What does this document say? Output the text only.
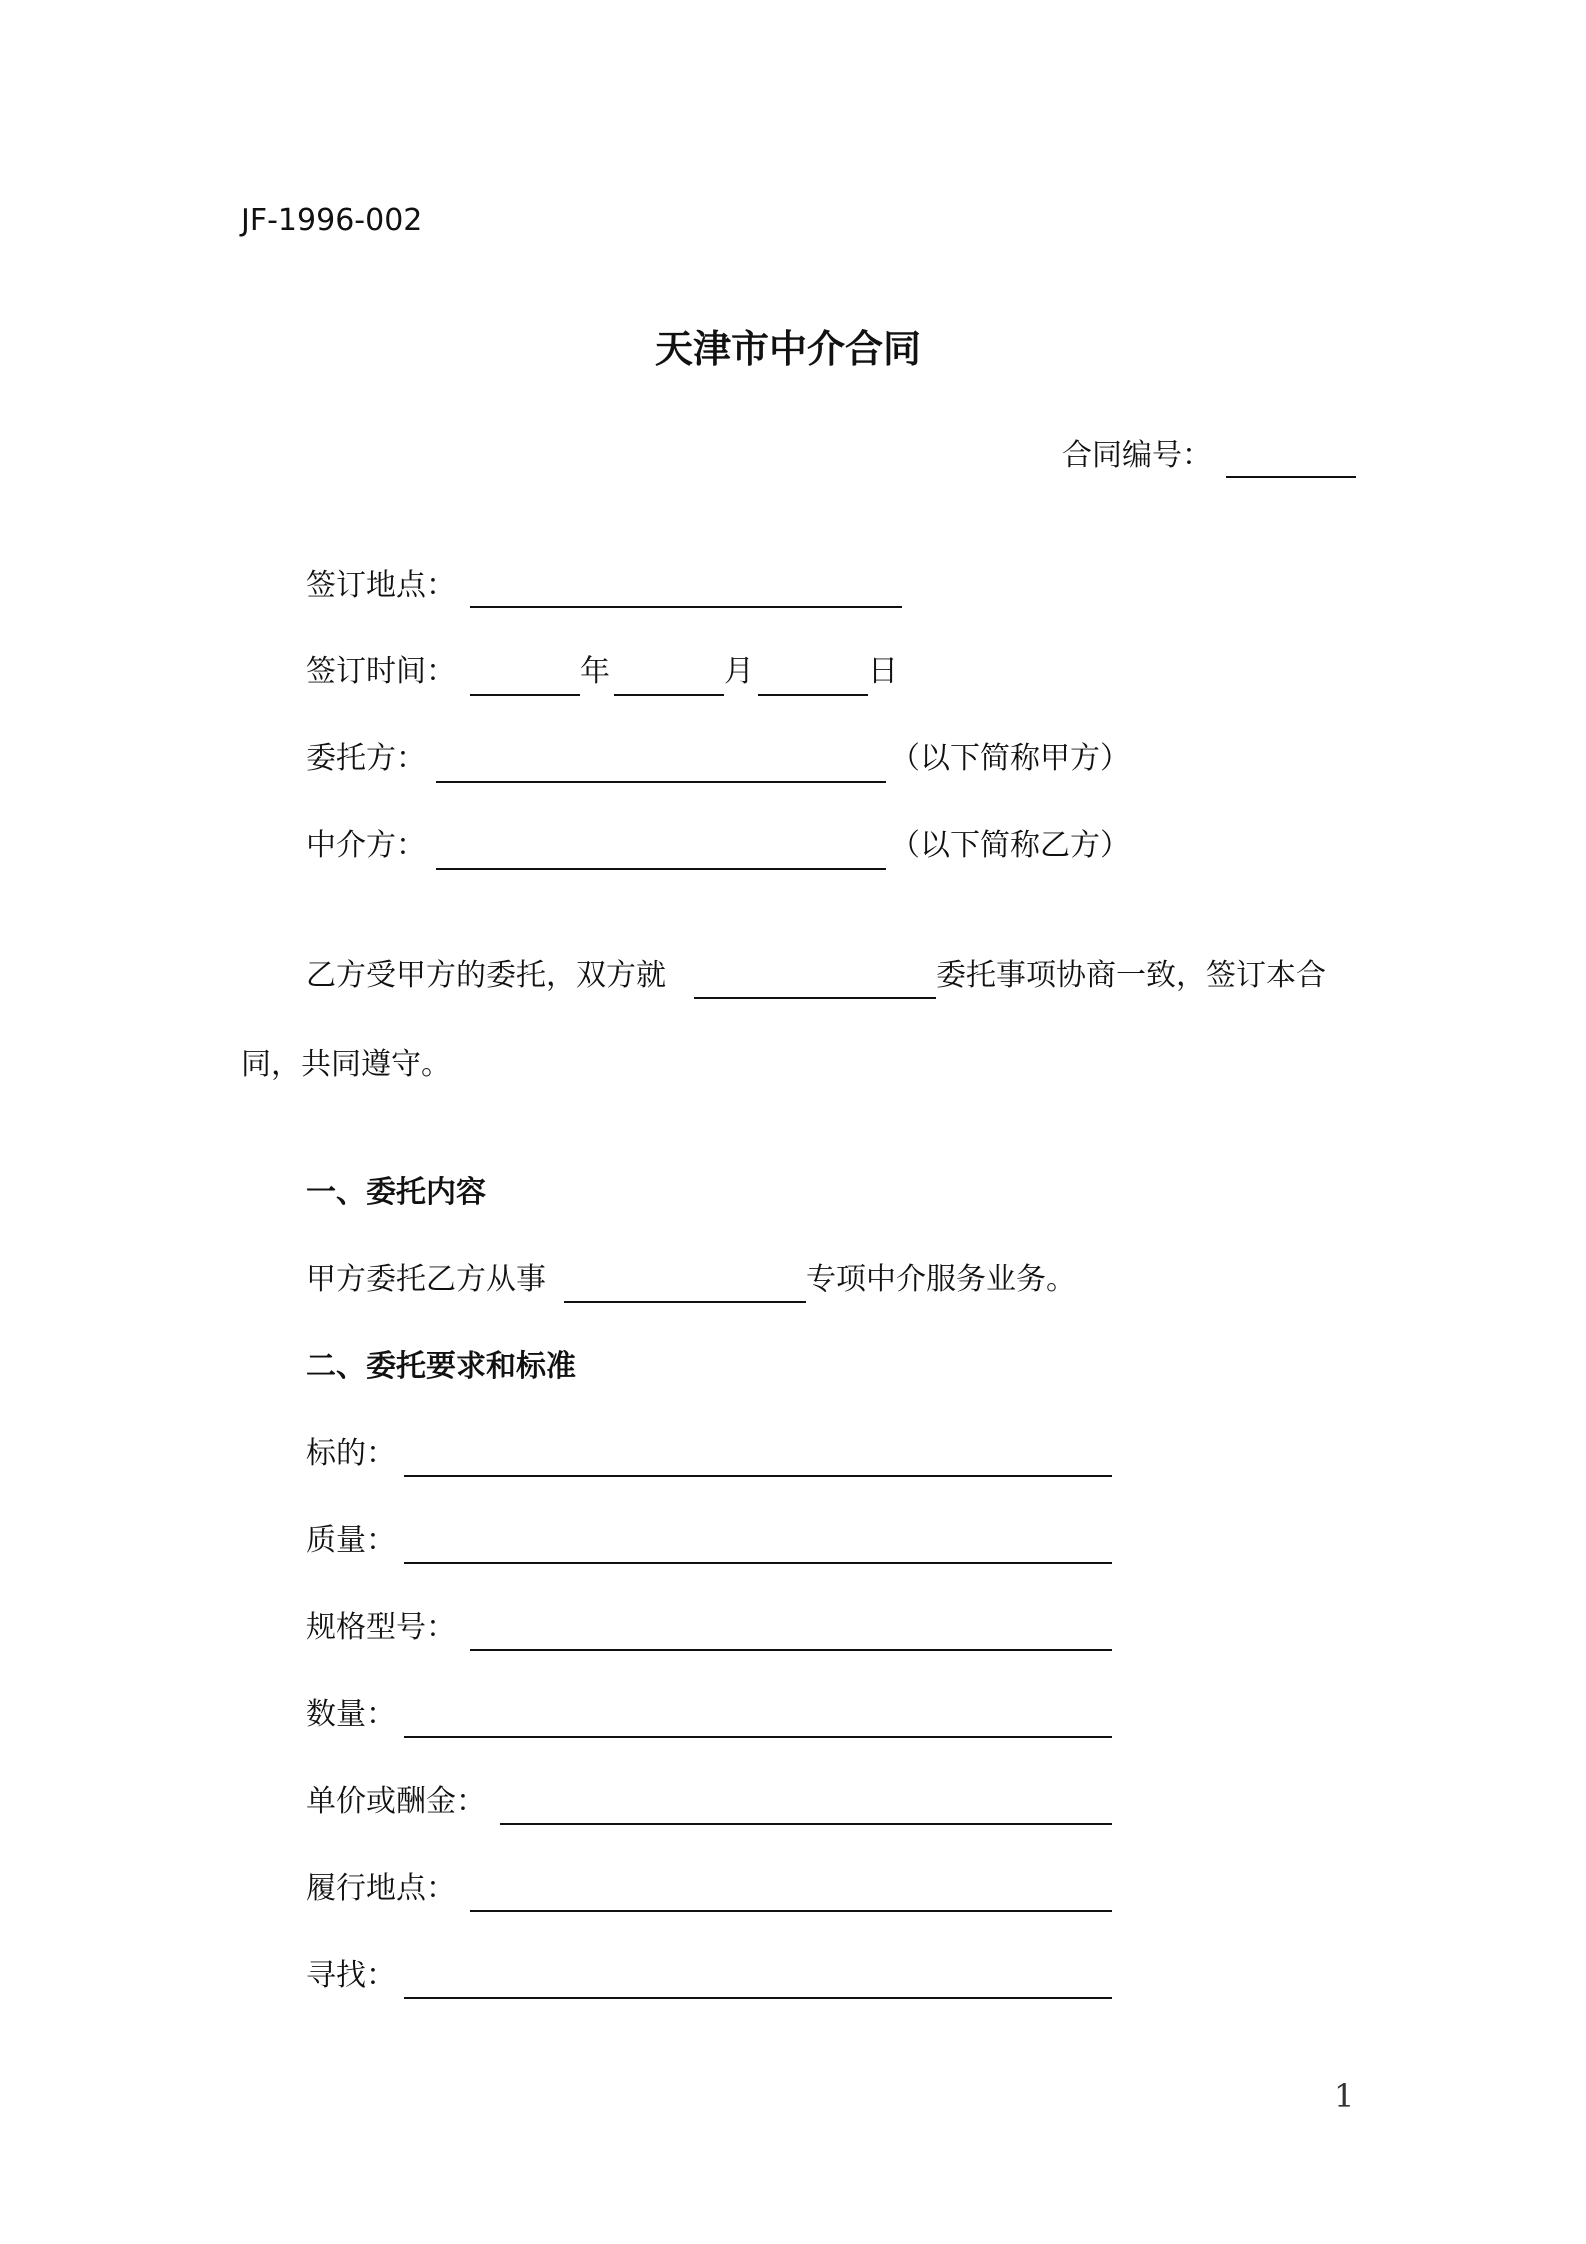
JF-1996-002
天津市中介合同
合同编号：
签订地点：
签订时间：	年	月	日
委托方：	（以下简称甲方）
中介方：	（以下简称乙方）
乙方受甲方的委托，双方就	委托事项协商一致，签订本合
同，共同遵守。
一、委托内容
甲方委托乙方从事	专项中介服务业务。
二、委托要求和标准
标的：
质量：
规格型号：
数量：
单价或酬金：
履行地点：
寻找：
1
